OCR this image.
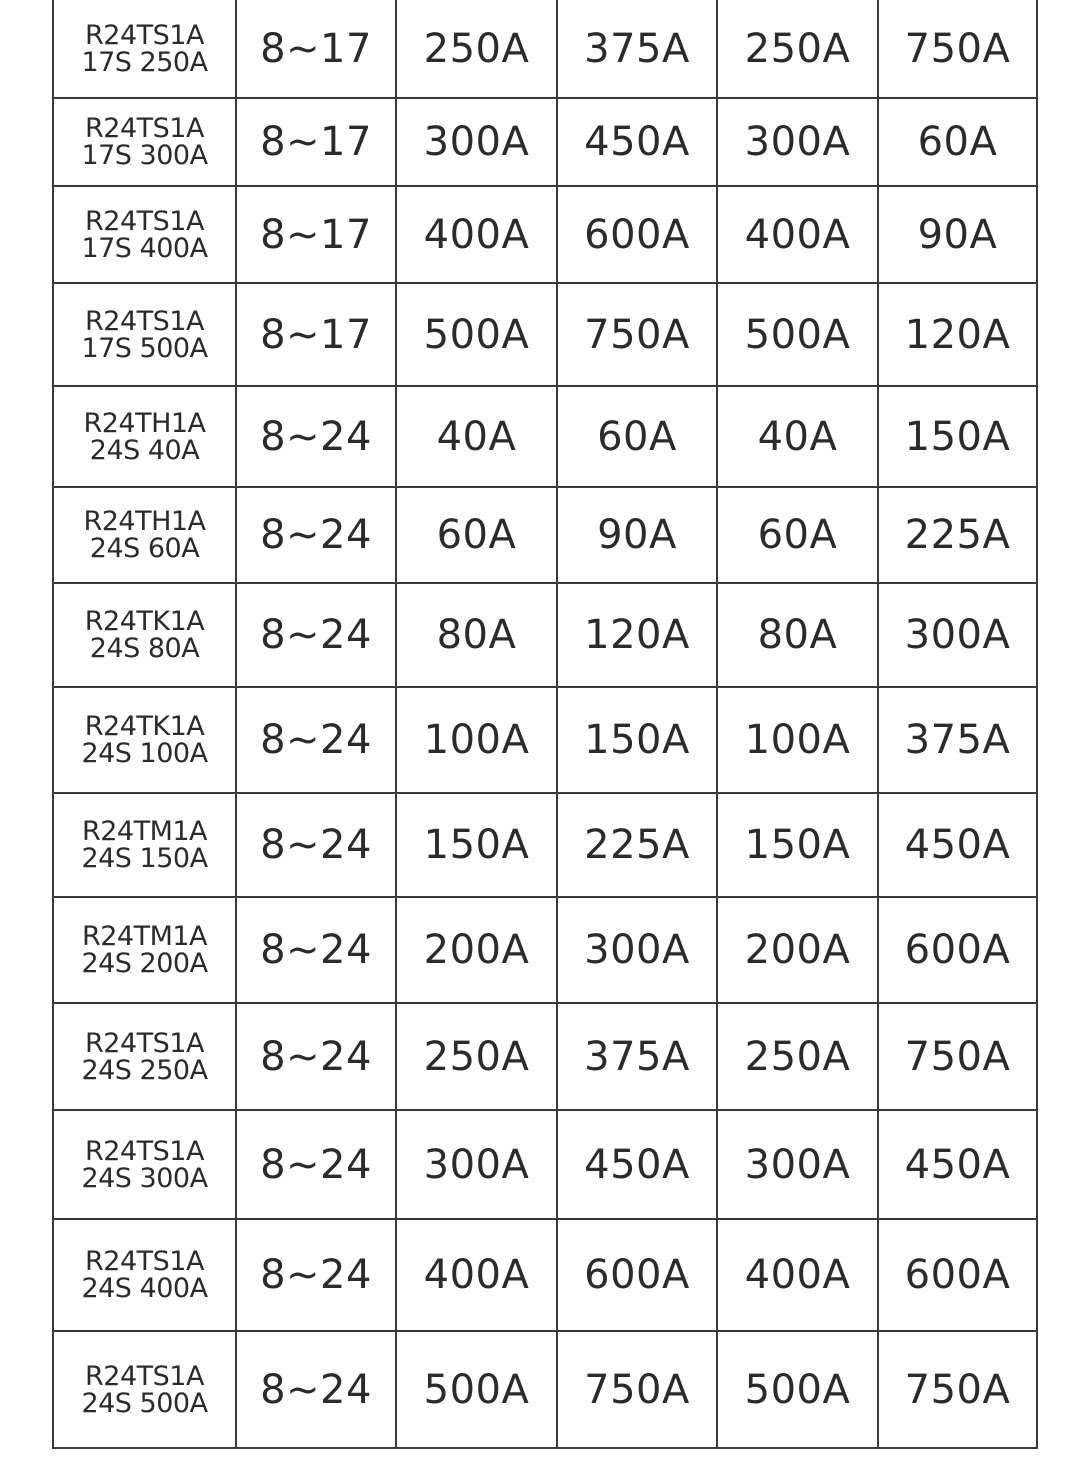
R24TS1A
17S 250A	8~17	250A	375A	250A	750A

R24TS1A
17S 300A	8~17	300A	450A	300A	60A

R24TS1A
17S 400A	8~17	400A	600A	400A	90A

R24TS1A
17S 500A	8~17	500A	750A	500A	120A

R24TH1A
24S 40A	8~24	40A	60A	40A	150A

R24TH1A
24S 60A	8~24	60A	90A	60A	225A

R24TK1A
24S 80A	8~24	80A	120A	80A	300A

R24TK1A
24S 100A	8~24	100A	150A	100A	375A

R24TM1A
24S 150A	8~24	150A	225A	150A	450A

R24TM1A
24S 200A	8~24	200A	300A	200A	600A

R24TS1A
24S 250A	8~24	250A	375A	250A	750A

R24TS1A
24S 300A	8~24	300A	450A	300A	450A

R24TS1A
24S 400A	8~24	400A	600A	400A	600A

R24TS1A
24S 500A	8~24	500A	750A	500A	750A
